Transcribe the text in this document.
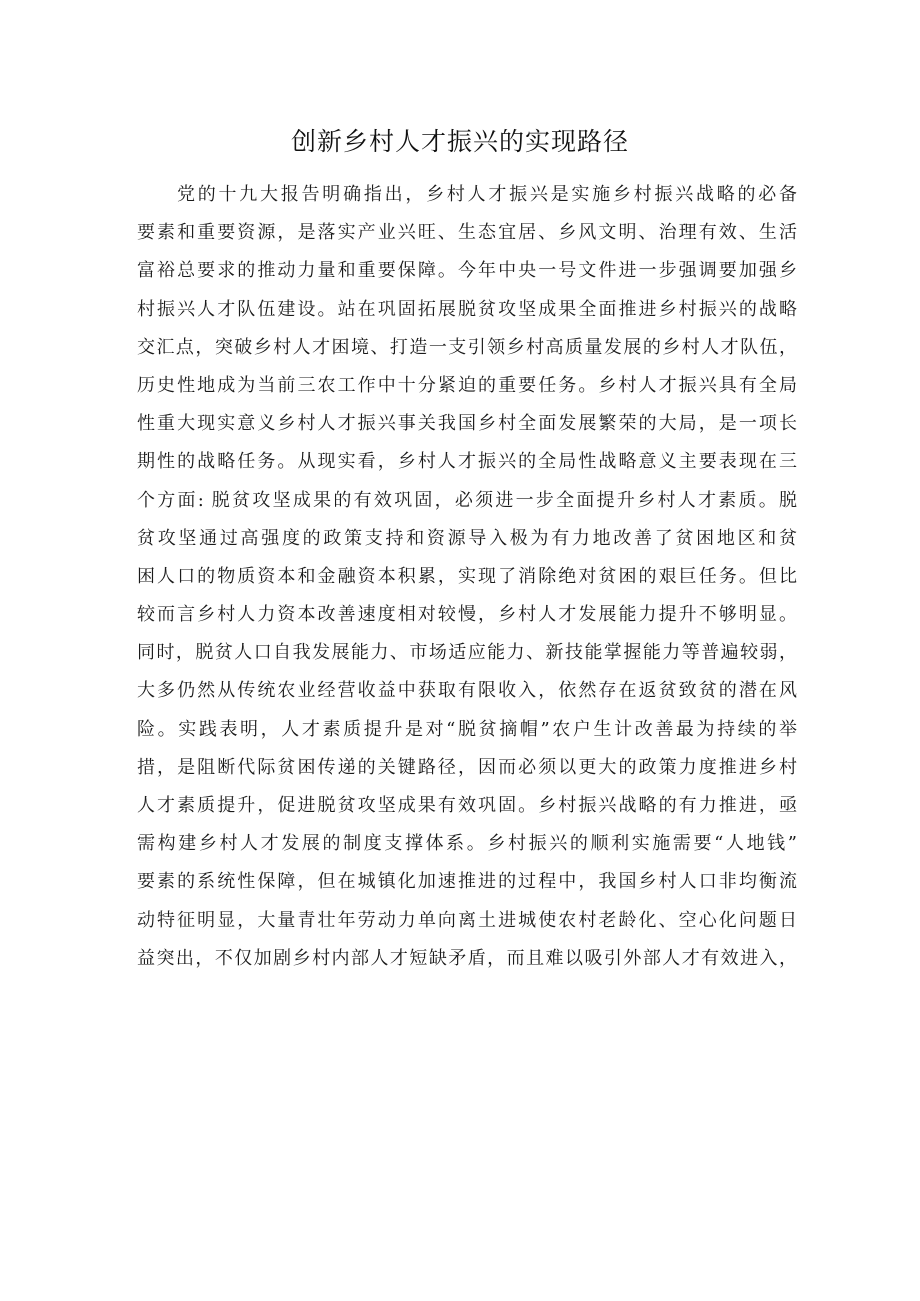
创新乡村人才振兴的实现路径
党的十九大报告明确指出，乡村人才振兴是实施乡村振兴战略的必备
要素和重要资源，是落实产业兴旺、生态宜居、乡风文明、治理有效、生活
富裕总要求的推动力量和重要保障。今年中央一号文件进一步强调要加强乡
村振兴人才队伍建设。站在巩固拓展脱贫攻坚成果全面推进乡村振兴的战略
交汇点，突破乡村人才困境、打造一支引领乡村高质量发展的乡村人才队伍，
历史性地成为当前三农工作中十分紧迫的重要任务。乡村人才振兴具有全局
性重大现实意义乡村人才振兴事关我国乡村全面发展繁荣的大局，是一项长
期性的战略任务。从现实看，乡村人才振兴的全局性战略意义主要表现在三
个方面: 脱贫攻坚成果的有效巩固，必须进一步全面提升乡村人才素质。脱
贫攻坚通过高强度的政策支持和资源导入极为有力地改善了贫困地区和贫
困人口的物质资本和金融资本积累，实现了消除绝对贫困的艰巨任务。但比
较而言乡村人力资本改善速度相对较慢，乡村人才发展能力提升不够明显。
同时，脱贫人口自我发展能力、市场适应能力、新技能掌握能力等普遍较弱，
大多仍然从传统农业经营收益中获取有限收入，依然存在返贫致贫的潜在风
险。实践表明，人才素质提升是对“脱贫摘帽”农户生计改善最为持续的举
措，是阻断代际贫困传递的关键路径，因而必须以更大的政策力度推进乡村
人才素质提升，促进脱贫攻坚成果有效巩固。乡村振兴战略的有力推进，亟
需构建乡村人才发展的制度支撑体系。乡村振兴的顺利实施需要“人地钱”
要素的系统性保障，但在城镇化加速推进的过程中，我国乡村人口非均衡流
动特征明显，大量青壮年劳动力单向离土进城使农村老龄化、空心化问题日
益突出，不仅加剧乡村内部人才短缺矛盾，而且难以吸引外部人才有效进入，
